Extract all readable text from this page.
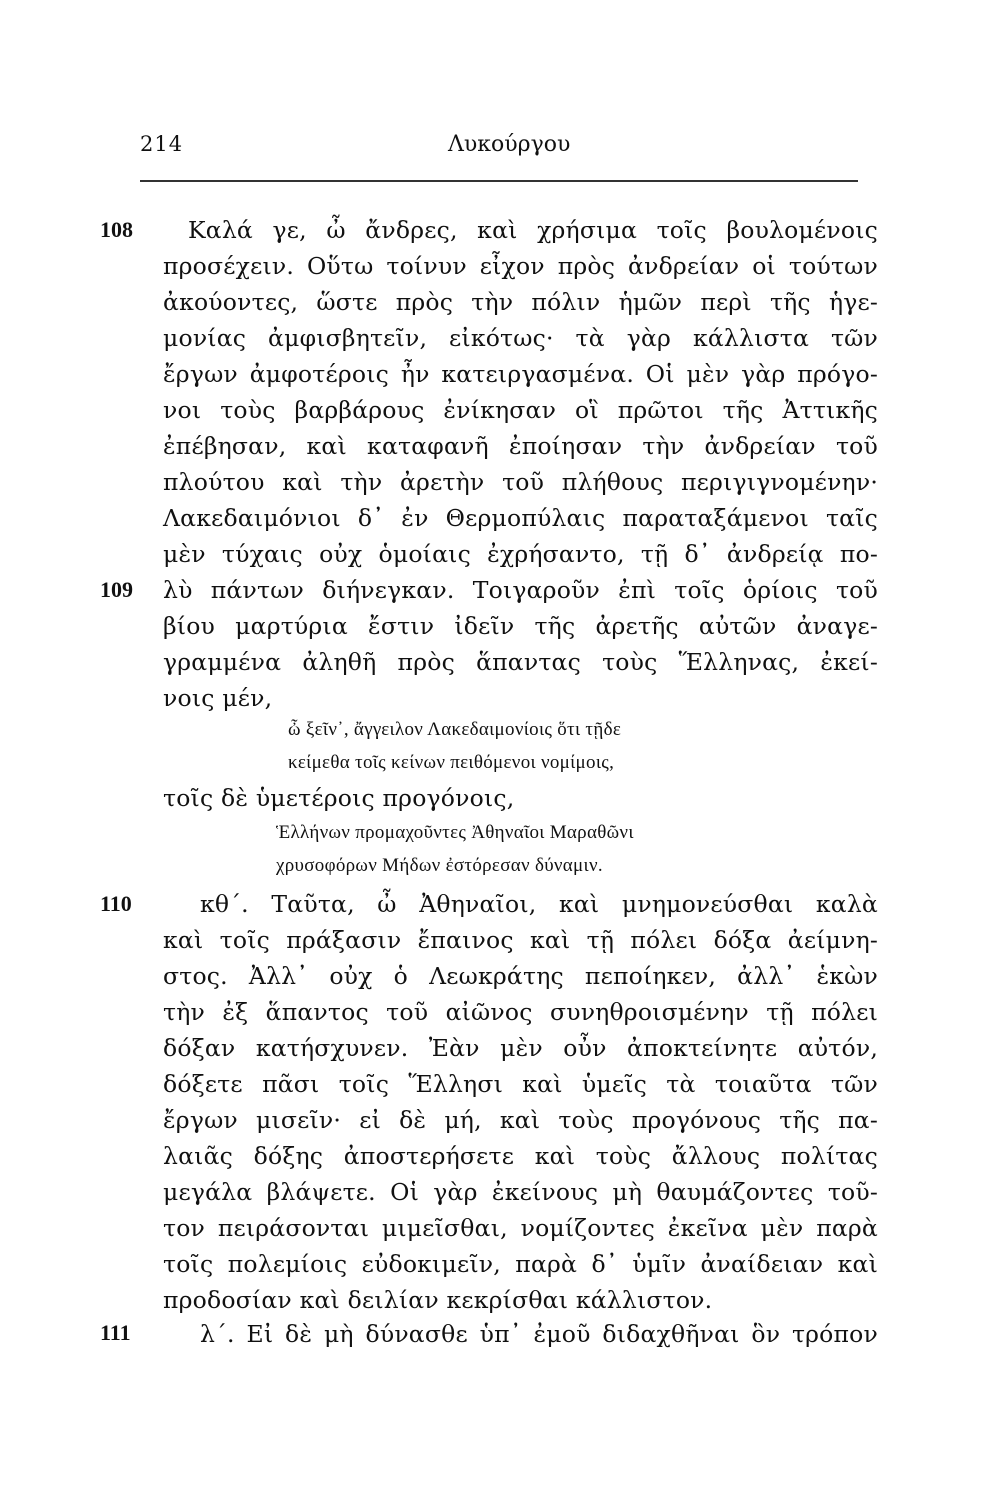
214	Λυκούργου
108
109
110
111
Καλά γε, ὦ ἄνδρες, καὶ χρήσιμα τοῖς βουλομένοις
προσέχειν. Οὕτω τοίνυν εἶχον πρὸς ἀνδρείαν οἱ τούτων
ἀκούοντες, ὥστε πρὸς τὴν πόλιν ἡμῶν περὶ τῆς ἡγε-
μονίας ἀμφισβητεῖν, εἰκότως· τὰ γὰρ κάλλιστα τῶν
ἔργων ἀμφοτέροις ἦν κατειργασμένα. Οἱ μὲν γὰρ πρόγο-
νοι τοὺς βαρβάρους ἐνίκησαν οἳ πρῶτοι τῆς Ἀττικῆς
ἐπέβησαν, καὶ καταφανῆ ἐποίησαν τὴν ἀνδρείαν τοῦ
πλούτου καὶ τὴν ἀρετὴν τοῦ πλήθους περιγιγνομένην·
Λακεδαιμόνιοι δ᾽ ἐν Θερμοπύλαις παραταξάμενοι ταῖς
μὲν τύχαις οὐχ ὁμοίαις ἐχρήσαντο, τῇ δ᾽ ἀνδρείᾳ πο-
λὺ πάντων διήνεγκαν. Τοιγαροῦν ἐπὶ τοῖς ὁρίοις τοῦ
βίου μαρτύρια ἔστιν ἰδεῖν τῆς ἀρετῆς αὐτῶν ἀναγε-
γραμμένα ἀληθῆ πρὸς ἅπαντας τοὺς Ἕλληνας, ἐκεί-
νοις μέν,
ὦ ξεῖν᾽, ἄγγειλον Λακεδαιμονίοις ὅτι τῇδε
κείμεθα τοῖς κείνων πειθόμενοι νομίμοις,
τοῖς δὲ ὑμετέροις προγόνοις,
Ἑλλήνων προμαχοῦντες Ἀθηναῖοι Μαραθῶνι
χρυσοφόρων Μήδων ἐστόρεσαν δύναμιν.
κθ΄. Ταῦτα, ὦ Ἀθηναῖοι, καὶ μνημονεύσθαι καλὰ
καὶ τοῖς πράξασιν ἔπαινος καὶ τῇ πόλει δόξα ἀείμνη-
στος. Ἀλλ᾽ οὐχ ὁ Λεωκράτης πεποίηκεν, ἀλλ᾽ ἑκὼν
τὴν ἐξ ἅπαντος τοῦ αἰῶνος συνηθροισμένην τῇ πόλει
δόξαν κατήσχυνεν. Ἐὰν μὲν οὖν ἀποκτείνητε αὐτόν,
δόξετε πᾶσι τοῖς Ἕλλησι καὶ ὑμεῖς τὰ τοιαῦτα τῶν
ἔργων μισεῖν· εἰ δὲ μή, καὶ τοὺς προγόνους τῆς πα-
λαιᾶς δόξης ἀποστερήσετε καὶ τοὺς ἄλλους πολίτας
μεγάλα βλάψετε. Οἱ γὰρ ἐκείνους μὴ θαυμάζοντες τοῦ-
τον πειράσονται μιμεῖσθαι, νομίζοντες ἐκεῖνα μὲν παρὰ
τοῖς πολεμίοις εὐδοκιμεῖν, παρὰ δ᾽ ὑμῖν ἀναίδειαν καὶ
προδοσίαν καὶ δειλίαν κεκρίσθαι κάλλιστον.
λ΄. Εἰ δὲ μὴ δύνασθε ὑπ᾽ ἐμοῦ διδαχθῆναι ὃν τρόπον
